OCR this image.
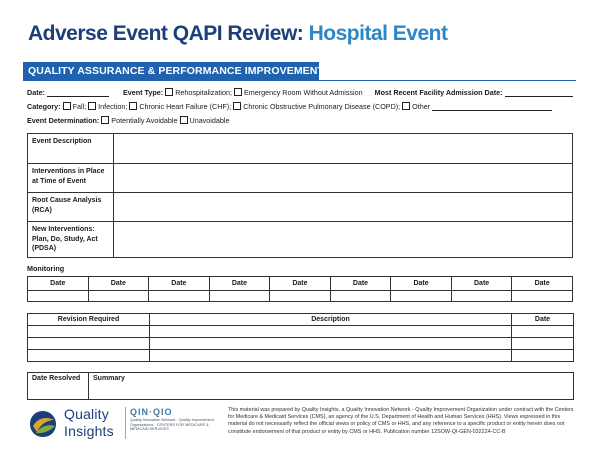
Adverse Event QAPI Review: Hospital Event
QUALITY ASSURANCE & PERFORMANCE IMPROVEMENT
Date:	Event Type: Rehospitalization; Emergency Room Without Admission Most Recent Facility Admission Date:
Category: Fall; Infection; Chronic Heart Failure (CHF); Chronic Obstructive Pulmonary Disease (COPD); Other
Event Determination: Potentially Avoidable Unavoidable
Event Description	
Interventions in Place at Time of Event	
Root Cause Analysis (RCA)	
New Interventions: Plan, Do, Study, Act (PDSA)	
Monitoring
Date	Date	Date	Date	Date	Date	Date	Date	Date

Revision Required	Description	Date

Date Resolved	Summary
Quality
Insights
QIN·QIO
Quality Innovation Network · Quality Improvement Organizations · CENTERS FOR MEDICARE & MEDICAID SERVICES
This material was prepared by Quality Insights, a Quality Innovation Network - Quality Improvement Organization under contract with the Centers for Medicare & Medicaid Services (CMS), an agency of the U.S. Department of Health and Human Services (HHS). Views expressed in this material do not necessarily reflect the official views or policy of CMS or HHS, and any reference to a specific product or entity herein does not constitute endorsement of that product or entity by CMS or HHS. Publication number 12SOW-QI-GEN-032224-CC-B
